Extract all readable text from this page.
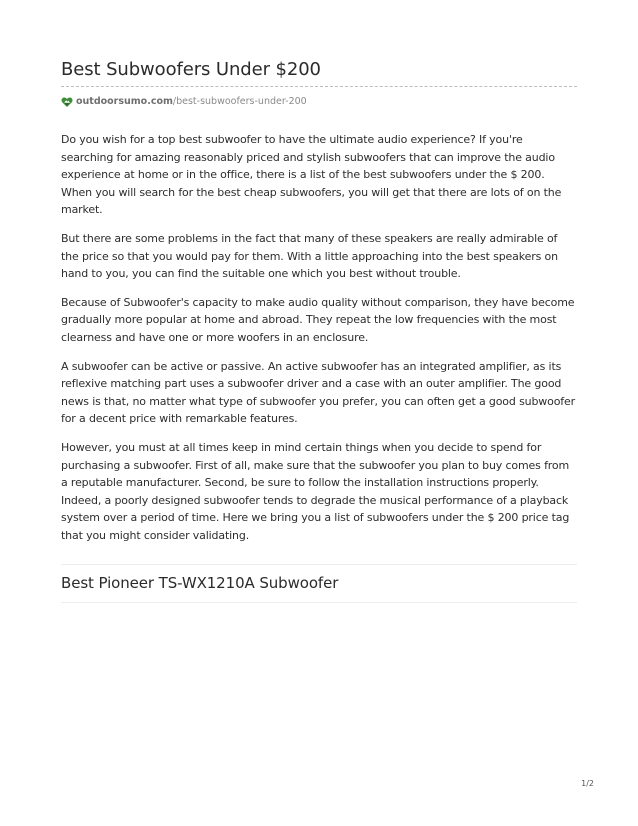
Best Subwoofers Under $200
outdoorsumo.com /best-subwoofers-under-200

Do you wish for a top best subwoofer to have the ultimate audio experience? If you're searching for amazing reasonably priced and stylish subwoofers that can improve the audio experience at home or in the office, there is a list of the best subwoofers under the $ 200. When you will search for the best cheap subwoofers, you will get that there are lots of on the market.

But there are some problems in the fact that many of these speakers are really admirable of the price so that you would pay for them. With a little approaching into the best speakers on hand to you, you can find the suitable one which you best without trouble.

Because of Subwoofer's capacity to make audio quality without comparison, they have become gradually more popular at home and abroad. They repeat the low frequencies with the most clearness and have one or more woofers in an enclosure.

A subwoofer can be active or passive. An active subwoofer has an integrated amplifier, as its reflexive matching part uses a subwoofer driver and a case with an outer amplifier. The good news is that, no matter what type of subwoofer you prefer, you can often get a good subwoofer for a decent price with remarkable features.

However, you must at all times keep in mind certain things when you decide to spend for purchasing a subwoofer. First of all, make sure that the subwoofer you plan to buy comes from a reputable manufacturer. Second, be sure to follow the installation instructions properly. Indeed, a poorly designed subwoofer tends to degrade the musical performance of a playback system over a period of time. Here we bring you a list of subwoofers under the $ 200 price tag that you might consider validating.

Best Pioneer TS-WX1210A Subwoofer
1/2
